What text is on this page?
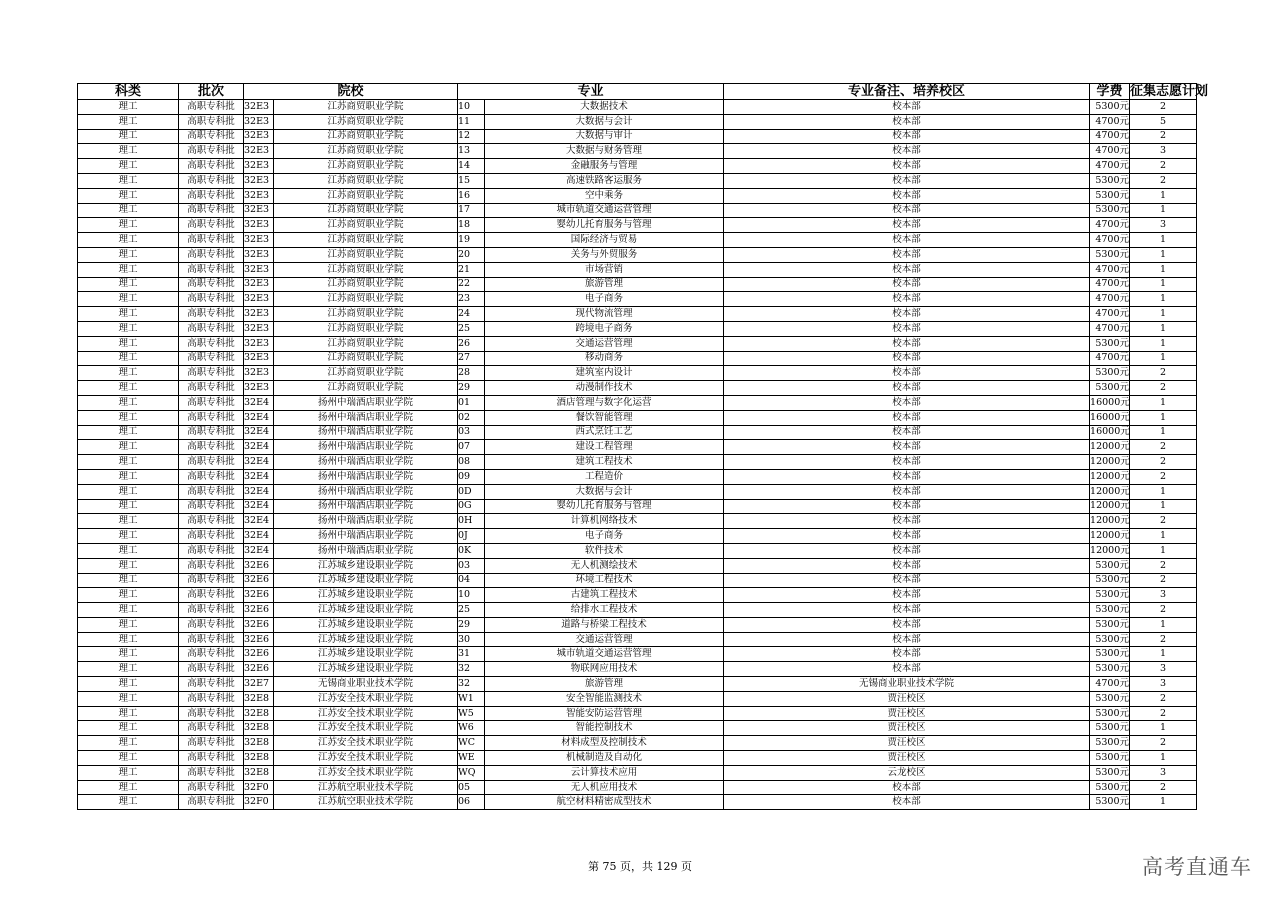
科类	批次	院校		专业		专业备注、培养校区	学费	征集志愿计划
理工	高职专科批	32E3	江苏商贸职业学院	10	大数据技术	校本部	5300元	2
理工	高职专科批	32E3	江苏商贸职业学院	11	大数据与会计	校本部	4700元	5
理工	高职专科批	32E3	江苏商贸职业学院	12	大数据与审计	校本部	4700元	2
理工	高职专科批	32E3	江苏商贸职业学院	13	大数据与财务管理	校本部	4700元	3
理工	高职专科批	32E3	江苏商贸职业学院	14	金融服务与管理	校本部	4700元	2
理工	高职专科批	32E3	江苏商贸职业学院	15	高速铁路客运服务	校本部	5300元	2
理工	高职专科批	32E3	江苏商贸职业学院	16	空中乘务	校本部	5300元	1
理工	高职专科批	32E3	江苏商贸职业学院	17	城市轨道交通运营管理	校本部	5300元	1
理工	高职专科批	32E3	江苏商贸职业学院	18	婴幼儿托育服务与管理	校本部	4700元	3
理工	高职专科批	32E3	江苏商贸职业学院	19	国际经济与贸易	校本部	4700元	1
理工	高职专科批	32E3	江苏商贸职业学院	20	关务与外贸服务	校本部	5300元	1
理工	高职专科批	32E3	江苏商贸职业学院	21	市场营销	校本部	4700元	1
理工	高职专科批	32E3	江苏商贸职业学院	22	旅游管理	校本部	4700元	1
理工	高职专科批	32E3	江苏商贸职业学院	23	电子商务	校本部	4700元	1
理工	高职专科批	32E3	江苏商贸职业学院	24	现代物流管理	校本部	4700元	1
理工	高职专科批	32E3	江苏商贸职业学院	25	跨境电子商务	校本部	4700元	1
理工	高职专科批	32E3	江苏商贸职业学院	26	交通运营管理	校本部	5300元	1
理工	高职专科批	32E3	江苏商贸职业学院	27	移动商务	校本部	4700元	1
理工	高职专科批	32E3	江苏商贸职业学院	28	建筑室内设计	校本部	5300元	2
理工	高职专科批	32E3	江苏商贸职业学院	29	动漫制作技术	校本部	5300元	2
理工	高职专科批	32E4	扬州中瑞酒店职业学院	01	酒店管理与数字化运营	校本部	16000元	1
理工	高职专科批	32E4	扬州中瑞酒店职业学院	02	餐饮智能管理	校本部	16000元	1
理工	高职专科批	32E4	扬州中瑞酒店职业学院	03	西式烹饪工艺	校本部	16000元	1
理工	高职专科批	32E4	扬州中瑞酒店职业学院	07	建设工程管理	校本部	12000元	2
理工	高职专科批	32E4	扬州中瑞酒店职业学院	08	建筑工程技术	校本部	12000元	2
理工	高职专科批	32E4	扬州中瑞酒店职业学院	09	工程造价	校本部	12000元	2
理工	高职专科批	32E4	扬州中瑞酒店职业学院	0D	大数据与会计	校本部	12000元	1
理工	高职专科批	32E4	扬州中瑞酒店职业学院	0G	婴幼儿托育服务与管理	校本部	12000元	1
理工	高职专科批	32E4	扬州中瑞酒店职业学院	0H	计算机网络技术	校本部	12000元	2
理工	高职专科批	32E4	扬州中瑞酒店职业学院	0J	电子商务	校本部	12000元	1
理工	高职专科批	32E4	扬州中瑞酒店职业学院	0K	软件技术	校本部	12000元	1
理工	高职专科批	32E6	江苏城乡建设职业学院	03	无人机测绘技术	校本部	5300元	2
理工	高职专科批	32E6	江苏城乡建设职业学院	04	环境工程技术	校本部	5300元	2
理工	高职专科批	32E6	江苏城乡建设职业学院	10	古建筑工程技术	校本部	5300元	3
理工	高职专科批	32E6	江苏城乡建设职业学院	25	给排水工程技术	校本部	5300元	2
理工	高职专科批	32E6	江苏城乡建设职业学院	29	道路与桥梁工程技术	校本部	5300元	1
理工	高职专科批	32E6	江苏城乡建设职业学院	30	交通运营管理	校本部	5300元	2
理工	高职专科批	32E6	江苏城乡建设职业学院	31	城市轨道交通运营管理	校本部	5300元	1
理工	高职专科批	32E6	江苏城乡建设职业学院	32	物联网应用技术	校本部	5300元	3
理工	高职专科批	32E7	无锡商业职业技术学院	32	旅游管理	无锡商业职业技术学院	4700元	3
理工	高职专科批	32E8	江苏安全技术职业学院	W1	安全智能监测技术	贾汪校区	5300元	2
理工	高职专科批	32E8	江苏安全技术职业学院	W5	智能安防运营管理	贾汪校区	5300元	2
理工	高职专科批	32E8	江苏安全技术职业学院	W6	智能控制技术	贾汪校区	5300元	1
理工	高职专科批	32E8	江苏安全技术职业学院	WC	材料成型及控制技术	贾汪校区	5300元	2
理工	高职专科批	32E8	江苏安全技术职业学院	WE	机械制造及自动化	贾汪校区	5300元	1
理工	高职专科批	32E8	江苏安全技术职业学院	WQ	云计算技术应用	云龙校区	5300元	3
理工	高职专科批	32F0	江苏航空职业技术学院	05	无人机应用技术	校本部	5300元	2
理工	高职专科批	32F0	江苏航空职业技术学院	06	航空材料精密成型技术	校本部	5300元	1
第 75 页，共 129 页	高考直通车
